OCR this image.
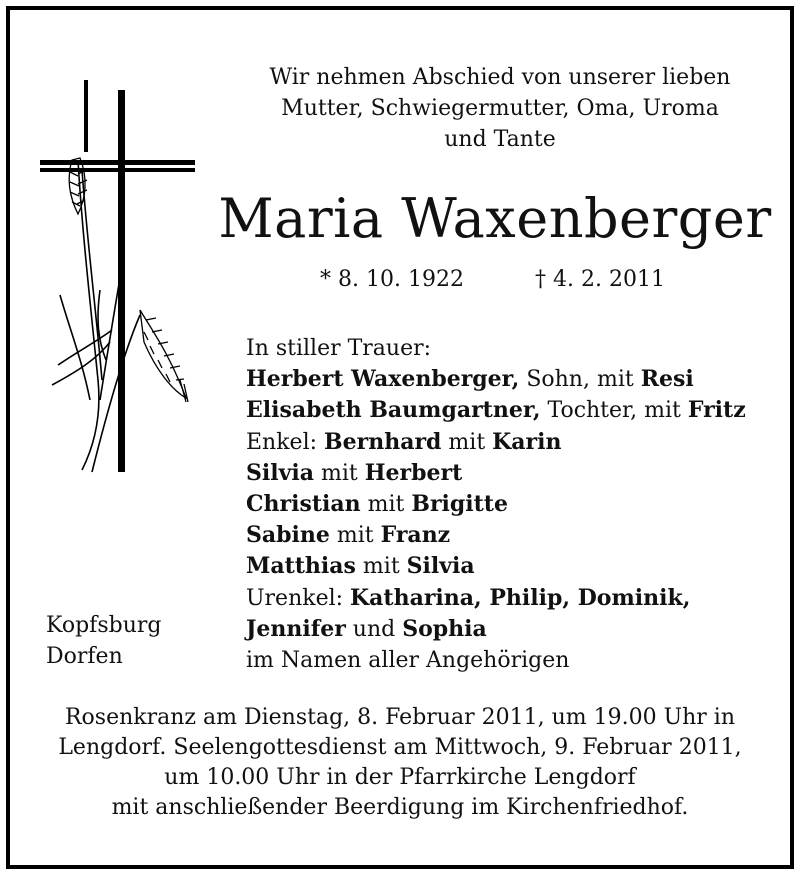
Wir nehmen Abschied von unserer lieben
Mutter, Schwiegermutter, Oma, Uroma
und Tante
Maria Waxenberger
* 8. 10. 1922	† 4. 2. 2011
In stiller Trauer:
Herbert Waxenberger, Sohn, mit Resi
Elisabeth Baumgartner, Tochter, mit Fritz
Enkel: Bernhard mit Karin
Silvia mit Herbert
Christian mit Brigitte
Sabine mit Franz
Matthias mit Silvia
Urenkel: Katharina, Philip, Dominik,
Jennifer und Sophia
im Namen aller Angehörigen
Kopfsburg
Dorfen
Rosenkranz am Dienstag, 8. Februar 2011, um 19.00 Uhr in
Lengdorf. Seelengottesdienst am Mittwoch, 9. Februar 2011,
um 10.00 Uhr in der Pfarrkirche Lengdorf
mit anschließender Beerdigung im Kirchenfriedhof.
